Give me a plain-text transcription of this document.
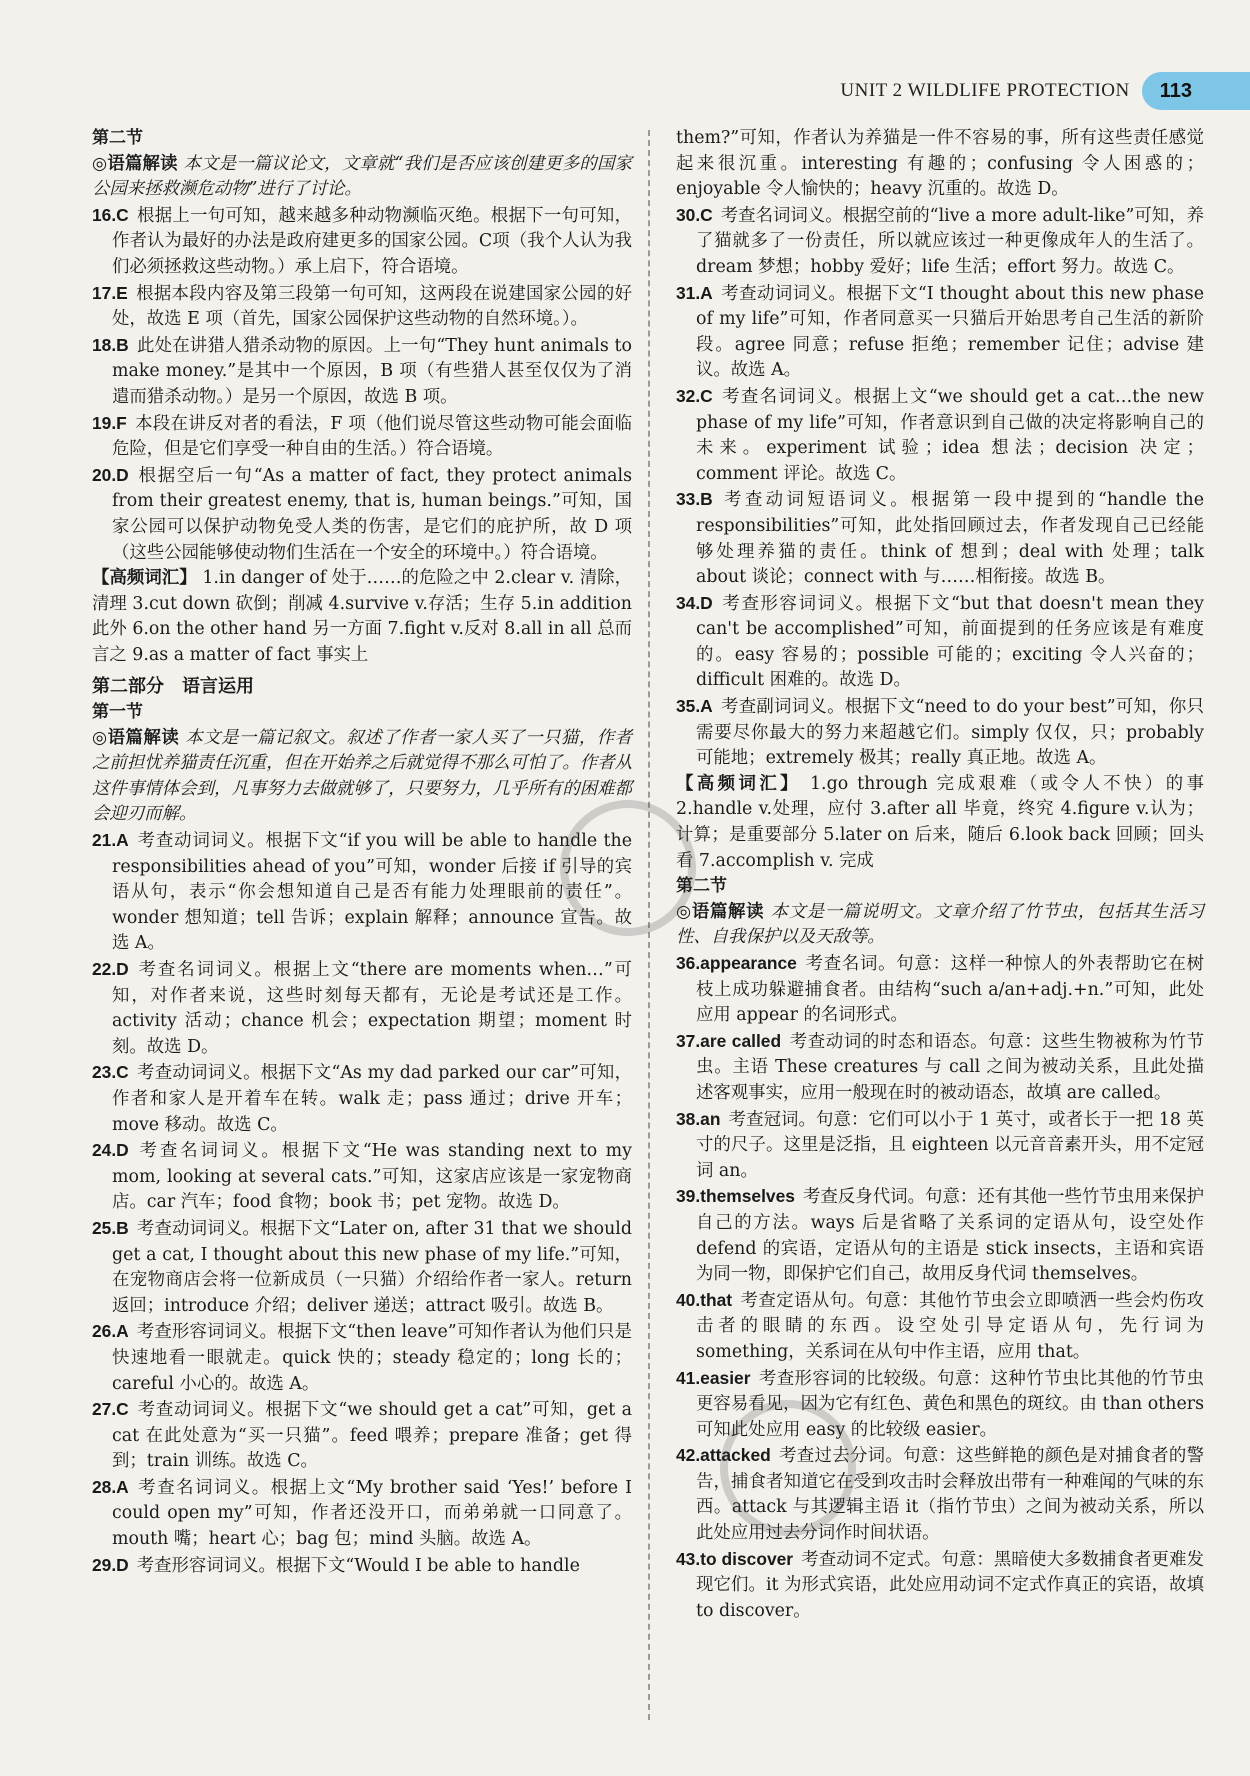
UNIT 2 WILDLIFE PROTECTION	113
第二节
◎语篇解读 本文是一篇议论文，文章就“我们是否应该创建更多的国家公园来拯救濒危动物”进行了讨论。
16.C 根据上一句可知，越来越多种动物濒临灭绝。根据下一句可知，作者认为最好的办法是政府建更多的国家公园。C项（我个人认为我们必须拯救这些动物。）承上启下，符合语境。
17.E 根据本段内容及第三段第一句可知，这两段在说建国家公园的好处，故选 E 项（首先，国家公园保护这些动物的自然环境。）。
18.B 此处在讲猎人猎杀动物的原因。上一句“They hunt animals to make money.”是其中一个原因，B 项（有些猎人甚至仅仅为了消遣而猎杀动物。）是另一个原因，故选 B 项。
19.F 本段在讲反对者的看法，F 项（他们说尽管这些动物可能会面临危险，但是它们享受一种自由的生活。）符合语境。
20.D 根据空后一句“As a matter of fact, they protect animals from their greatest enemy, that is, human beings.”可知，国家公园可以保护动物免受人类的伤害，是它们的庇护所，故 D 项（这些公园能够使动物们生活在一个安全的环境中。）符合语境。
【高频词汇】 1.in danger of 处于……的危险之中 2.clear v. 清除，清理 3.cut down 砍倒；削减 4.survive v.存活；生存 5.in addition 此外 6.on the other hand 另一方面 7.fight v.反对 8.all in all 总而言之 9.as a matter of fact 事实上
第二部分　语言运用
第一节
◎语篇解读 本文是一篇记叙文。叙述了作者一家人买了一只猫，作者之前担忧养猫责任沉重，但在开始养之后就觉得不那么可怕了。作者从这件事情体会到，凡事努力去做就够了，只要努力，几乎所有的困难都会迎刃而解。
21.A 考查动词词义。根据下文“if you will be able to handle the responsibilities ahead of you”可知，wonder 后接 if 引导的宾语从句，表示“你会想知道自己是否有能力处理眼前的责任”。wonder 想知道；tell 告诉；explain 解释；announce 宣告。故选 A。
22.D 考查名词词义。根据上文“there are moments when…”可知，对作者来说，这些时刻每天都有，无论是考试还是工作。activity 活动；chance 机会；expectation 期望；moment 时刻。故选 D。
23.C 考查动词词义。根据下文“As my dad parked our car”可知，作者和家人是开着车在转。walk 走；pass 通过；drive 开车；move 移动。故选 C。
24.D 考查名词词义。根据下文“He was standing next to my mom, looking at several cats.”可知，这家店应该是一家宠物商店。car 汽车；food 食物；book 书；pet 宠物。故选 D。
25.B 考查动词词义。根据下文“Later on, after 31 that we should get a cat, I thought about this new phase of my life.”可知，在宠物商店会将一位新成员（一只猫）介绍给作者一家人。return 返回；introduce 介绍；deliver 递送；attract 吸引。故选 B。
26.A 考查形容词词义。根据下文“then leave”可知作者认为他们只是快速地看一眼就走。quick 快的；steady 稳定的；long 长的；careful 小心的。故选 A。
27.C 考查动词词义。根据下文“we should get a cat”可知，get a cat 在此处意为“买一只猫”。feed 喂养；prepare 准备；get 得到；train 训练。故选 C。
28.A 考查名词词义。根据上文“My brother said ‘Yes!’ before I could open my”可知，作者还没开口，而弟弟就一口同意了。mouth 嘴；heart 心；bag 包；mind 头脑。故选 A。
29.D 考查形容词词义。根据下文“Would I be able to handle
them?”可知，作者认为养猫是一件不容易的事，所有这些责任感觉起来很沉重。interesting 有趣的；confusing 令人困惑的；enjoyable 令人愉快的；heavy 沉重的。故选 D。
30.C 考查名词词义。根据空前的“live a more adult-like”可知，养了猫就多了一份责任，所以就应该过一种更像成年人的生活了。dream 梦想；hobby 爱好；life 生活；effort 努力。故选 C。
31.A 考查动词词义。根据下文“I thought about this new phase of my life”可知，作者同意买一只猫后开始思考自己生活的新阶段。agree 同意；refuse 拒绝；remember 记住；advise 建议。故选 A。
32.C 考查名词词义。根据上文“we should get a cat…the new phase of my life”可知，作者意识到自己做的决定将影响自己的未来。experiment 试验；idea 想法；decision 决定；comment 评论。故选 C。
33.B 考查动词短语词义。根据第一段中提到的“handle the responsibilities”可知，此处指回顾过去，作者发现自己已经能够处理养猫的责任。think of 想到；deal with 处理；talk about 谈论；connect with 与……相衔接。故选 B。
34.D 考查形容词词义。根据下文“but that doesn't mean they can't be accomplished”可知，前面提到的任务应该是有难度的。easy 容易的；possible 可能的；exciting 令人兴奋的；difficult 困难的。故选 D。
35.A 考查副词词义。根据下文“need to do your best”可知，你只需要尽你最大的努力来超越它们。simply 仅仅，只；probably 可能地；extremely 极其；really 真正地。故选 A。
【高频词汇】 1.go through 完成艰难（或令人不快）的事 2.handle v.处理，应付 3.after all 毕竟，终究 4.figure v.认为；计算；是重要部分 5.later on 后来，随后 6.look back 回顾；回头看 7.accomplish v. 完成
第二节
◎语篇解读 本文是一篇说明文。文章介绍了竹节虫，包括其生活习性、自我保护以及天敌等。
36.appearance 考查名词。句意：这样一种惊人的外表帮助它在树枝上成功躲避捕食者。由结构“such a/an+adj.+n.”可知，此处应用 appear 的名词形式。
37.are called 考查动词的时态和语态。句意：这些生物被称为竹节虫。主语 These creatures 与 call 之间为被动关系，且此处描述客观事实，应用一般现在时的被动语态，故填 are called。
38.an 考查冠词。句意：它们可以小于 1 英寸，或者长于一把 18 英寸的尺子。这里是泛指，且 eighteen 以元音音素开头，用不定冠词 an。
39.themselves 考查反身代词。句意：还有其他一些竹节虫用来保护自己的方法。ways 后是省略了关系词的定语从句，设空处作 defend 的宾语，定语从句的主语是 stick insects，主语和宾语为同一物，即保护它们自己，故用反身代词 themselves。
40.that 考查定语从句。句意：其他竹节虫会立即喷洒一些会灼伤攻击者的眼睛的东西。设空处引导定语从句，先行词为 something，关系词在从句中作主语，应用 that。
41.easier 考查形容词的比较级。句意：这种竹节虫比其他的竹节虫更容易看见，因为它有红色、黄色和黑色的斑纹。由 than others 可知此处应用 easy 的比较级 easier。
42.attacked 考查过去分词。句意：这些鲜艳的颜色是对捕食者的警告，捕食者知道它在受到攻击时会释放出带有一种难闻的气味的东西。attack 与其逻辑主语 it（指竹节虫）之间为被动关系，所以此处应用过去分词作时间状语。
43.to discover 考查动词不定式。句意：黑暗使大多数捕食者更难发现它们。it 为形式宾语，此处应用动词不定式作真正的宾语，故填 to discover。
